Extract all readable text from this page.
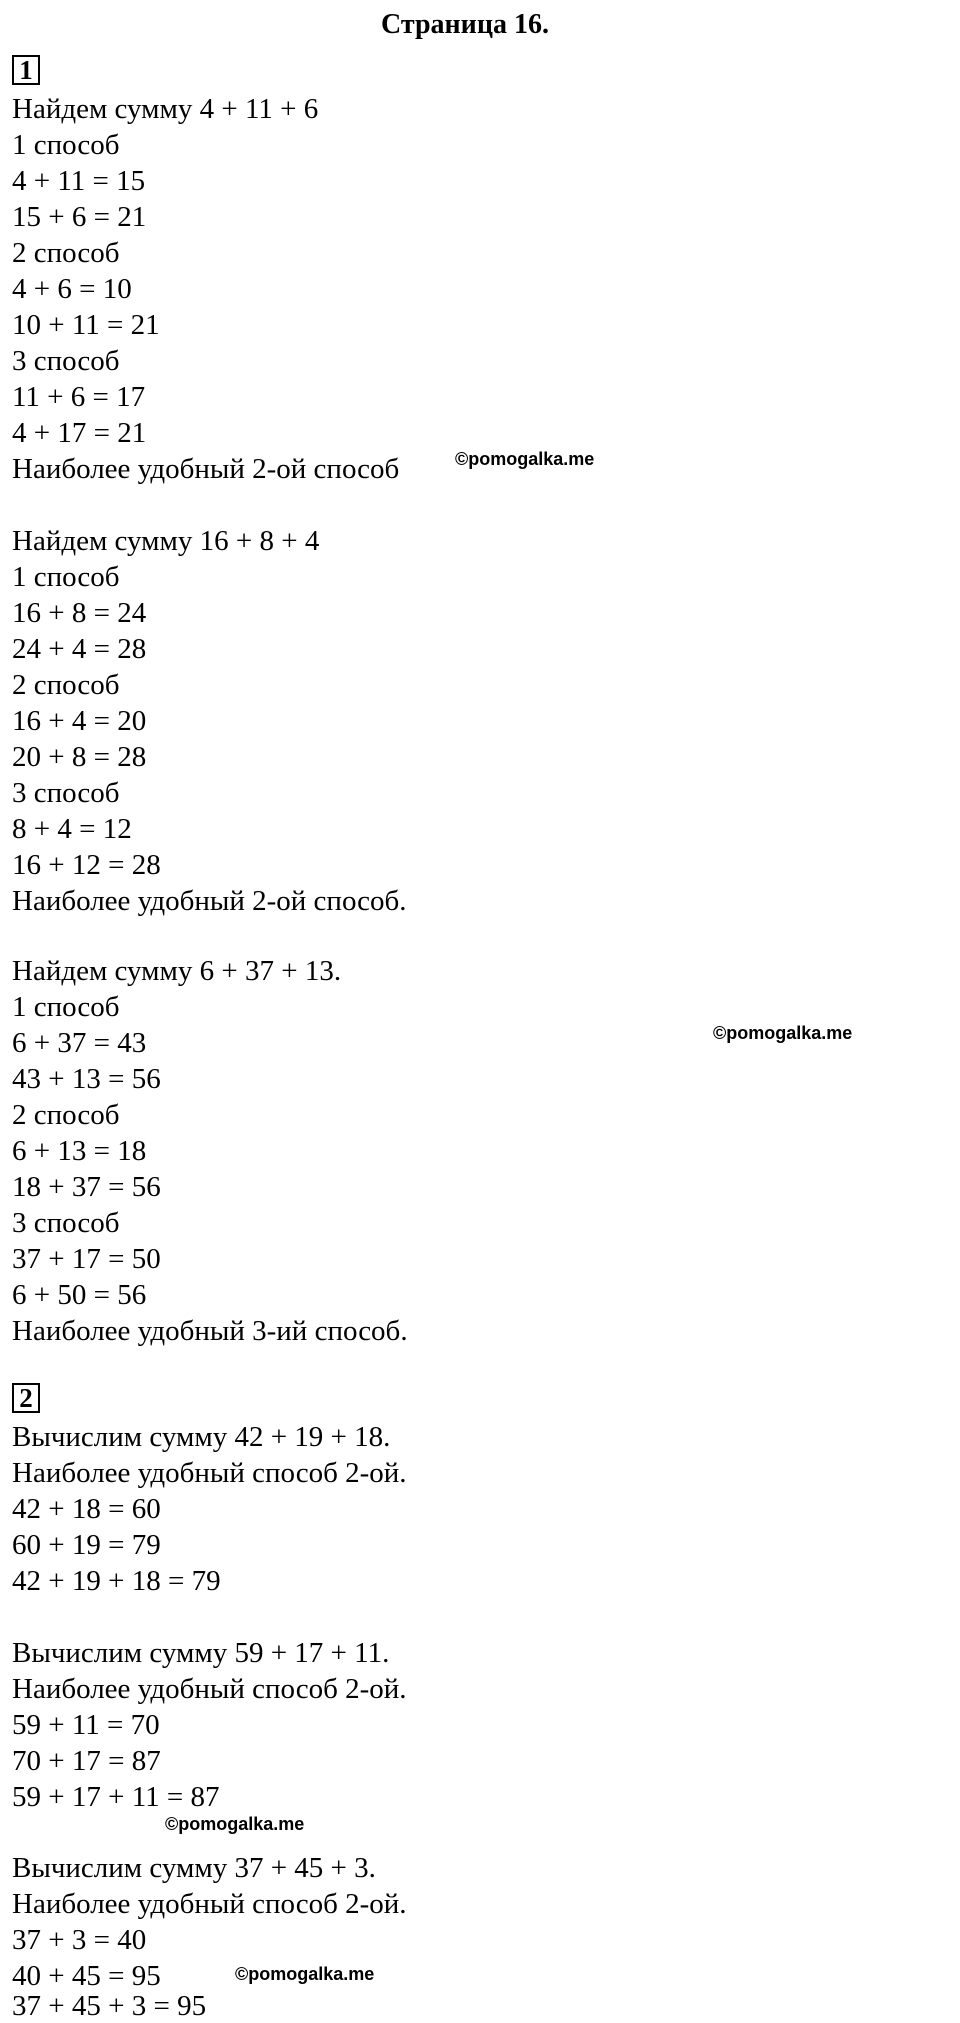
Страница 16.
1
Найдем сумму 4 + 11 + 6
1 способ
4 + 11 = 15
15 + 6 = 21
2 способ
4 + 6 = 10
10 + 11 = 21
3 способ
11 + 6 = 17
4 + 17 = 21
Наиболее удобный 2-ой способ	©pomogalka.me
Найдем сумму 16 + 8 + 4
1 способ
16 + 8 = 24
24 + 4 = 28
2 способ
16 + 4 = 20
20 + 8 = 28
3 способ
8 + 4 = 12
16 + 12 = 28
Наиболее удобный 2-ой способ.
Найдем сумму 6 + 37 + 13.
1 способ
6 + 37 = 43	©pomogalka.me
43 + 13 = 56
2 способ
6 + 13 = 18
18 + 37 = 56
3 способ
37 + 17 = 50
6 + 50 = 56
Наиболее удобный 3-ий способ.
2
Вычислим сумму 42 + 19 + 18.
Наиболее удобный способ 2-ой.
42 + 18 = 60
60 + 19 = 79
42 + 19 + 18 = 79
Вычислим сумму 59 + 17 + 11.
Наиболее удобный способ 2-ой.
59 + 11 = 70
70 + 17 = 87
59 + 17 + 11 = 87
©pomogalka.me
Вычислим сумму 37 + 45 + 3.
Наиболее удобный способ 2-ой.
37 + 3 = 40
40 + 45 = 95	©pomogalka.me
37 + 45 + 3 = 95
